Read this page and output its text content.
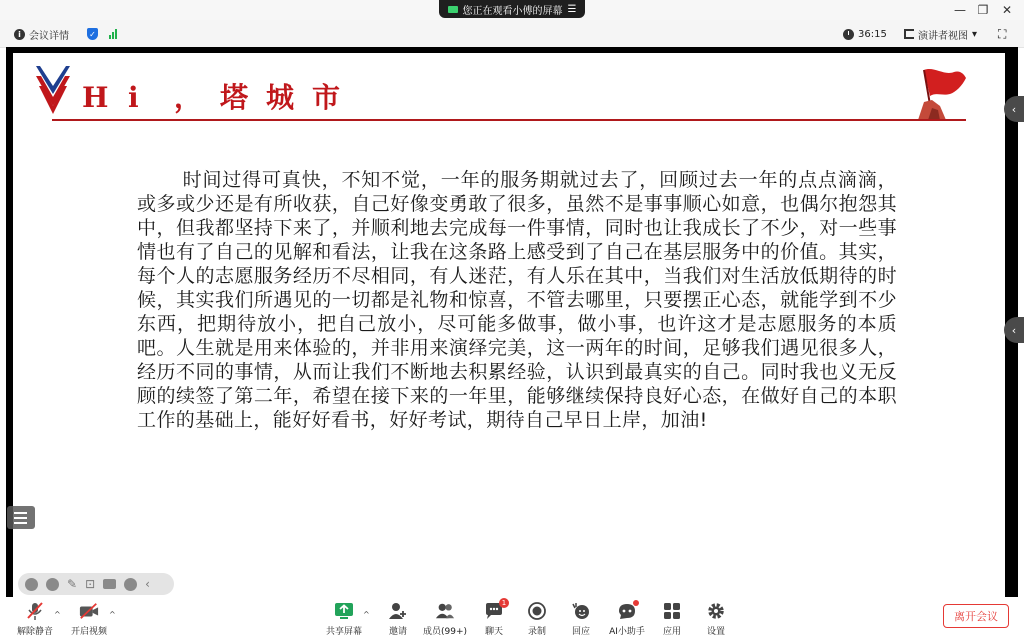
您正在观看小傅的屏幕 ☰	— ❐	✕
i 会议详情	✓	36:15	演讲者视图 ▾ ⛶
H i ， 塔 城 市

时间过得可真快，不知不觉，一年的服务期就过去了，回顾过去一年的点点滴滴，或多或少还是有所收获，自己好像变勇敢了很多，虽然不是事事顺心如意，也偶尔抱怨其中，但我都坚持下来了，并顺利地去完成每一件事情，同时也让我成长了不少，对一些事情也有了自己的见解和看法，让我在这条路上感受到了自己在基层服务中的价值。其实，每个人的志愿服务经历不尽相同，有人迷茫，有人乐在其中，当我们对生活放低期待的时候，其实我们所遇见的一切都是礼物和惊喜，不管去哪里，只要摆正心态，就能学到不少东西，把期待放小，把自己放小，尽可能多做事，做小事，也许这才是志愿服务的本质吧。人生就是用来体验的，并非用来演绎完美，这一两年的时间，足够我们遇见很多人，经历不同的事情，从而让我们不断地去积累经验，认识到最真实的自己。同时我也义无反顾的续签了第二年，希望在接下来的一年里，能够继续保持良好心态，在做好自己的本职工作的基础上，能好好看书，好好考试，期待自己早日上岸，加油!

✎ ⊡	‹
‹
‹
解除静音
^
开启视频
^
共享屏幕
^
邀请 成员(99+)
1
聊天	录制	回应 AI小助手 应用	设置
离开会议
